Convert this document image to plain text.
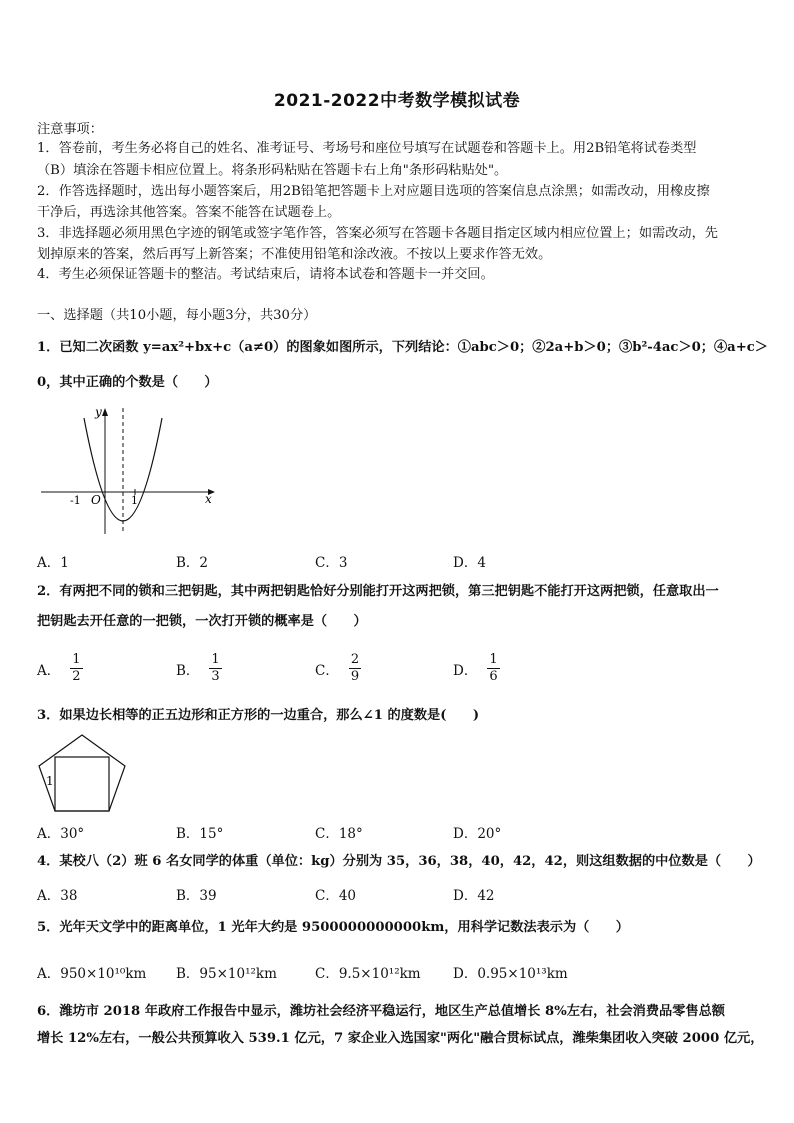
2021-2022中考数学模拟试卷
注意事项：
1．答卷前，考生务必将自己的姓名、准考证号、考场号和座位号填写在试题卷和答题卡上。用2B铅笔将试卷类型
（B）填涂在答题卡相应位置上。将条形码粘贴在答题卡右上角"条形码粘贴处"。
2．作答选择题时，选出每小题答案后，用2B铅笔把答题卡上对应题目选项的答案信息点涂黑；如需改动，用橡皮擦
干净后，再选涂其他答案。答案不能答在试题卷上。
3．非选择题必须用黑色字迹的钢笔或签字笔作答，答案必须写在答题卡各题目指定区域内相应位置上；如需改动，先
划掉原来的答案，然后再写上新答案；不准使用铅笔和涂改液。不按以上要求作答无效。
4．考生必须保证答题卡的整洁。考试结束后，请将本试卷和答题卡一并交回。
一、选择题（共10小题，每小题3分，共30分）
1．已知二次函数 y=ax²+bx+c（a≠0）的图象如图所示，下列结论：①abc＞0；②2a+b＞0；③b²-4ac＞0；④a+c＞
0，其中正确的个数是（　　）
y
x
O
-1	1
A．1	B．2	C．3	D．4
2．有两把不同的锁和三把钥匙，其中两把钥匙恰好分别能打开这两把锁，第三把钥匙不能打开这两把锁，任意取出一
把钥匙去开任意的一把锁，一次打开锁的概率是（　　）
A． $\frac{1}{2}$	B． $\frac{1}{3}$	C． $\frac{2}{9}$	D． $\frac{1}{6}$
3．如果边长相等的正五边形和正方形的一边重合，那么∠1 的度数是(　　)
1
A．30°	B．15°	C．18°	D．20°
4．某校八（2）班 6 名女同学的体重（单位：kg）分别为 35，36，38，40，42，42，则这组数据的中位数是（　　）
A．38	B．39	C．40	D．42
5．光年天文学中的距离单位，1 光年大约是 9500000000000km，用科学记数法表示为（　　）
A．950×10¹⁰km B．95×10¹²km	C．9.5×10¹²km D．0.95×10¹³km
6．潍坊市 2018 年政府工作报告中显示，潍坊社会经济平稳运行，地区生产总值增长 8%左右，社会消费品零售总额
增长 12%左右，一般公共预算收入 539.1 亿元，7 家企业入选国家"两化"融合贯标试点，潍柴集团收入突破 2000 亿元，
